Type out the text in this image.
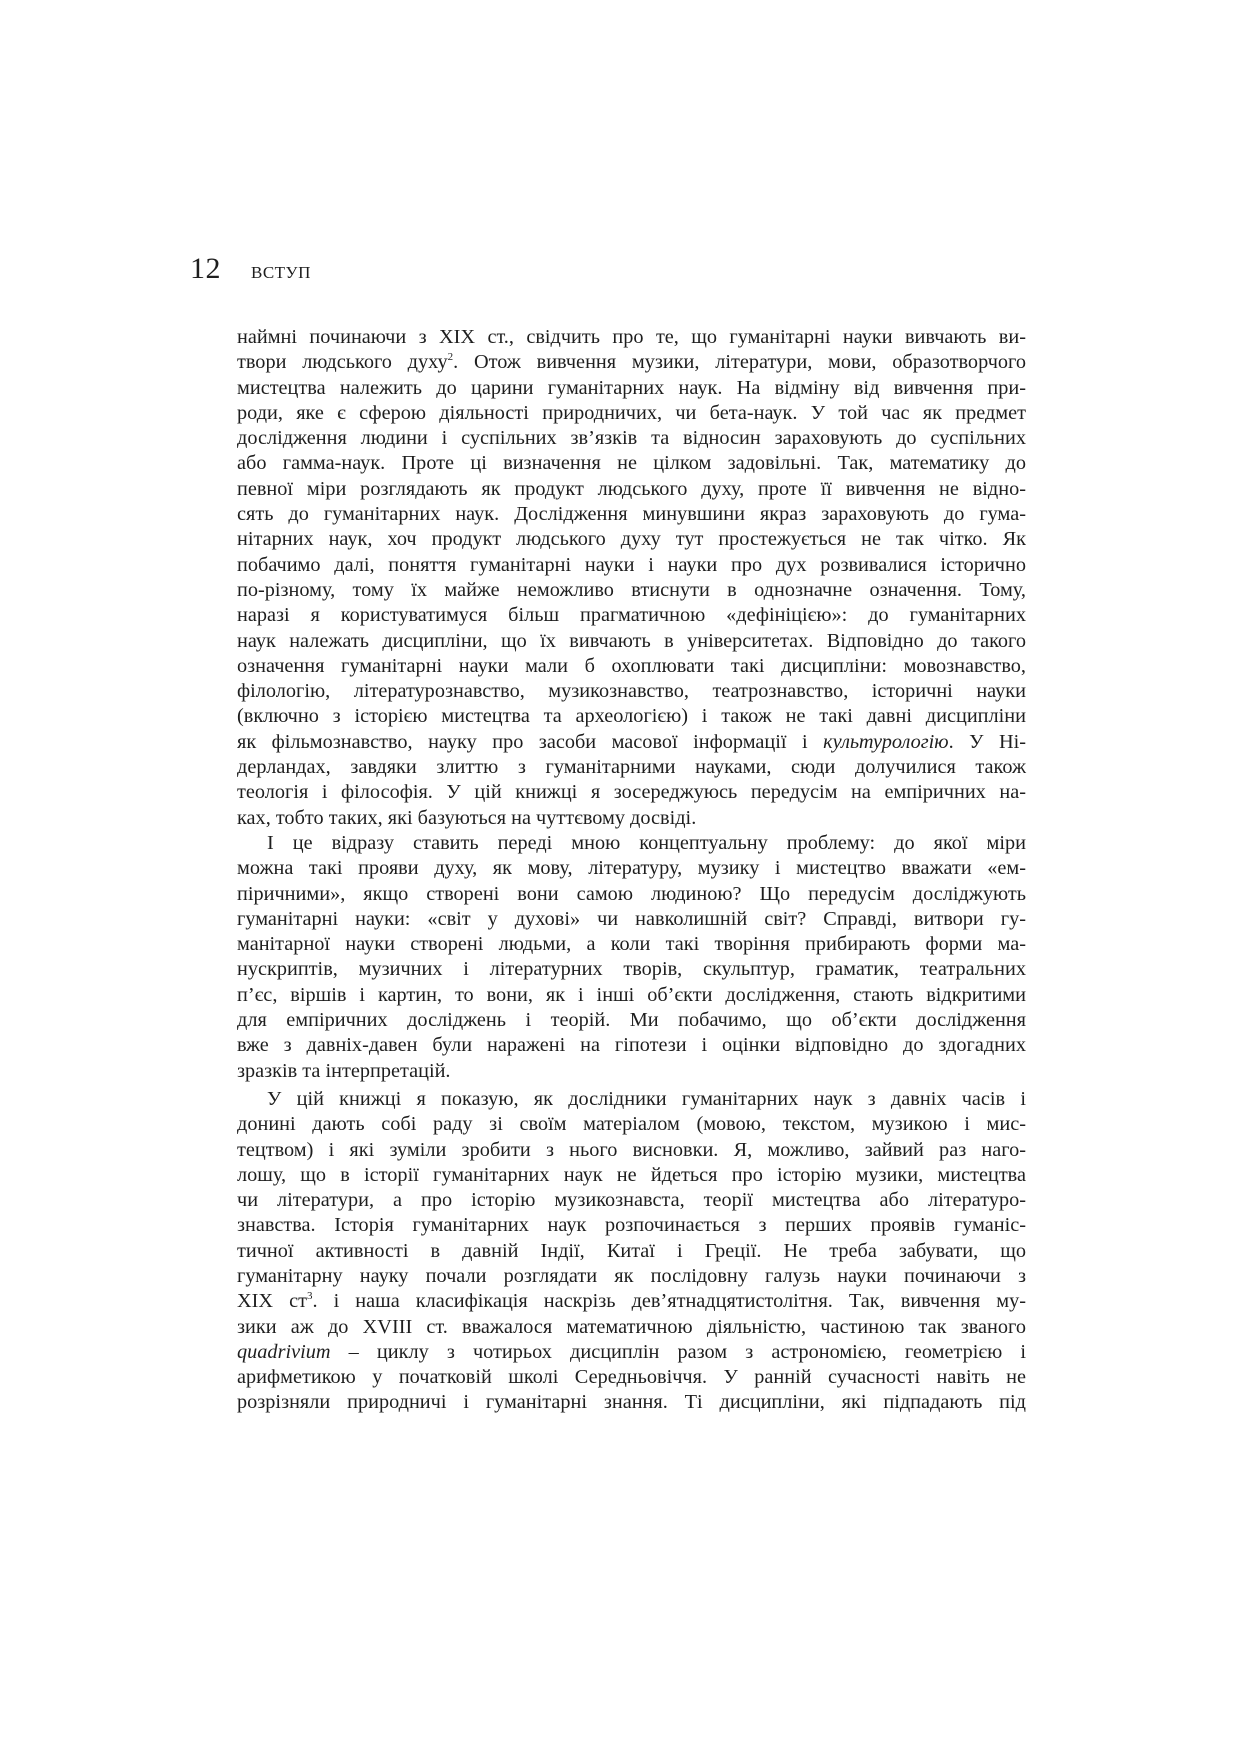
12 ВСТУП
наймні починаючи з XIX ст., свідчить про те, що гуманітарні науки вивчають ви-
твори людського духу$^2$. Отож вивчення музики, літератури, мови, образотворчого
мистецтва належить до царини гуманітарних наук. На відміну від вивчення при-
роди, яке є сферою діяльності природничих, чи бета-наук. У той час як предмет
дослідження людини і суспільних зв’язків та відносин зараховують до суспільних
або гамма-наук. Проте ці визначення не цілком задовільні. Так, математику до
певної міри розглядають як продукт людського духу, проте її вивчення не відно-
сять до гуманітарних наук. Дослідження минувшини якраз зараховують до гума-
нітарних наук, хоч продукт людського духу тут простежується не так чітко. Як
побачимо далі, поняття гуманітарні науки і науки про дух розвивалися історично
по-різному, тому їх майже неможливо втиснути в однозначне означення. Тому,
наразі я користуватимуся більш прагматичною «дефініцією»: до гуманітарних
наук належать дисципліни, що їх вивчають в університетах. Відповідно до такого
означення гуманітарні науки мали б охоплювати такі дисципліни: мовознавство,
філологію, літературознавство, музикознавство, театрознавство, історичні науки
(включно з історією мистецтва та археологією) і також не такі давні дисципліни
як фільмознавство, науку про засоби масової інформації і культурологію. У Ні-
дерландах, завдяки злиттю з гуманітарними науками, сюди долучилися також
теологія і філософія. У цій книжці я зосереджуюсь передусім на емпіричних на-
ках, тобто таких, які базуються на чуттєвому досвіді.
І це відразу ставить переді мною концептуальну проблему: до якої міри
можна такі прояви духу, як мову, літературу, музику і мистецтво вважати «ем-
піричними», якщо створені вони самою людиною? Що передусім досліджують
гуманітарні науки: «світ у духові» чи навколишній світ? Справді, витвори гу-
манітарної науки створені людьми, а коли такі творіння прибирають форми ма-
нускриптів, музичних і літературних творів, скульптур, граматик, театральних
п’єс, віршів і картин, то вони, як і інші об’єкти дослідження, стають відкритими
для емпіричних досліджень і теорій. Ми побачимо, що об’єкти дослідження
вже з давніх-давен були наражені на гіпотези і оцінки відповідно до здогадних
зразків та інтерпретацій.
У цій книжці я показую, як дослідники гуманітарних наук з давніх часів і
донині дають собі раду зі своїм матеріалом (мовою, текстом, музикою і мис-
тецтвом) і які зуміли зробити з нього висновки. Я, можливо, зайвий раз наго-
лошу, що в історії гуманітарних наук не йдеться про історію музики, мистецтва
чи літератури, а про історію музикознавста, теорії мистецтва або літературо-
знавства. Історія гуманітарних наук розпочинається з перших проявів гуманіс-
тичної активності в давній Індії, Китаї і Греції. Не треба забувати, що
гуманітарну науку почали розглядати як послідовну галузь науки починаючи з
XIX $ст^3$. і наша класифікація наскрізь дев’ятнадцятистолітня. Так, вивчення му-
зики аж до XVIII ст. вважалося математичною діяльністю, частиною так званого
quadrivium – циклу з чотирьох дисциплін разом з астрономією, геометрією і
арифметикою у початковій школі Середньовіччя. У ранній сучасності навіть не
розрізняли природничі і гуманітарні знання. Ті дисципліни, які підпадають під
